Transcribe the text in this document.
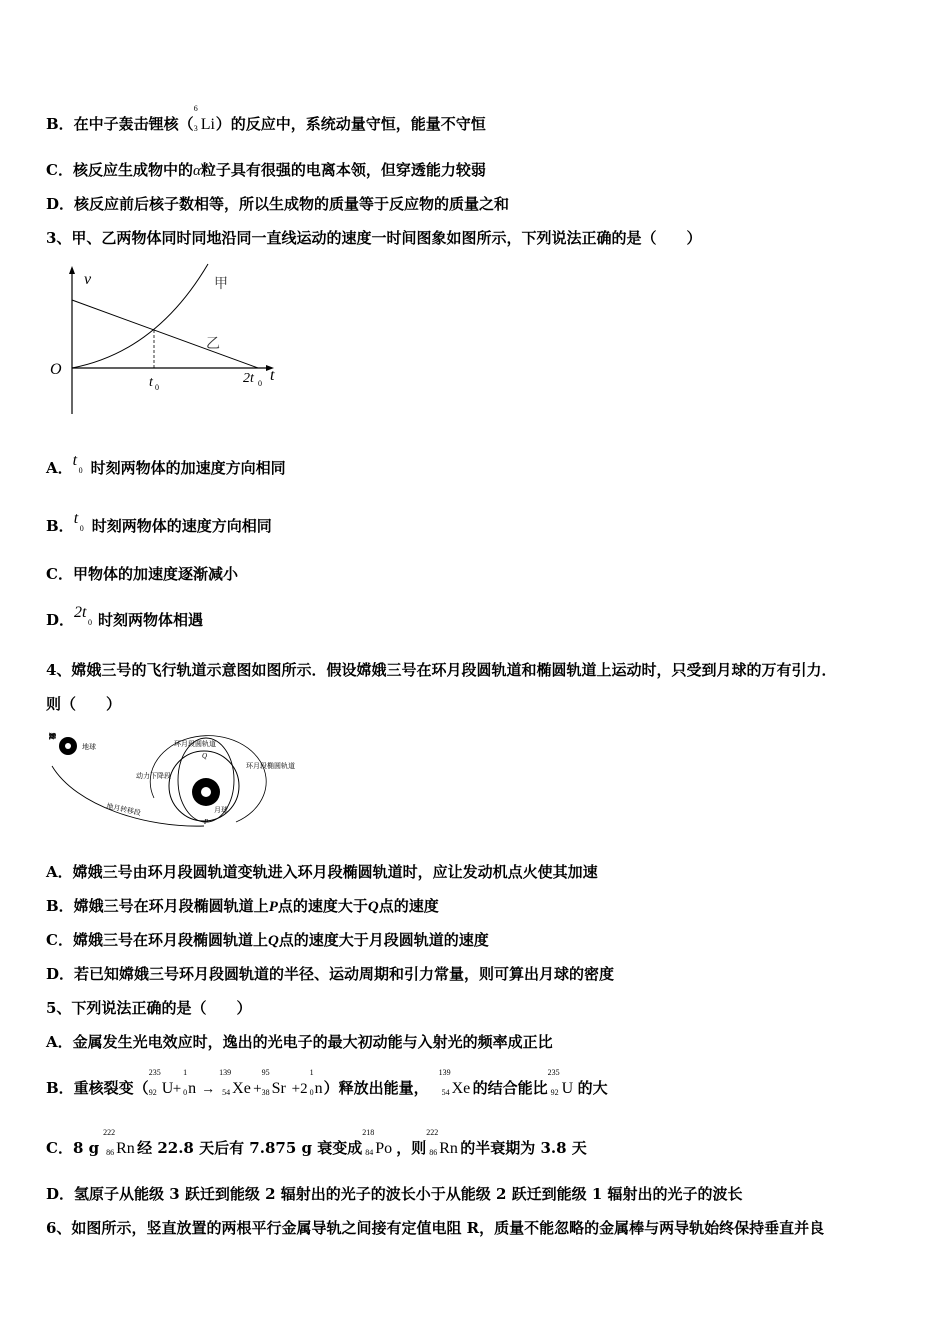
B．在中子轰击锂核（
6
3 Li）的反应中，系统动量守恒，能量不守恒
C．核反应生成物中的α粒子具有很强的电离本领，但穿透能力较弱
D．核反应前后核子数相等，所以生成物的质量等于反应物的质量之和
3、甲、乙两物体同时同地沿同一直线运动的速度一时间图象如图所示，下列说法正确的是（　　）
v
O	t
t 0
2t 0
甲
乙
A．t
0 时刻两物体的加速度方向相同
B．t
0 时刻两物体的速度方向相同
C．甲物体的加速度逐渐减小
D．2t
0 时刻两物体相遇
4、嫦娥三号的飞行轨道示意图如图所示．假设嫦娥三号在环月段圆轨道和椭圆轨道上运动时，只受到月球的万有引力．
则（　　）
地球
发射及入轨段
地月转移段
环月段圆轨道
环月段椭圆轨道
动力下降段
月球
Q
P
A．嫦娥三号由环月段圆轨道变轨进入环月段椭圆轨道时，应让发动机点火使其加速
B．嫦娥三号在环月段椭圆轨道上P点的速度大于Q点的速度
C．嫦娥三号在环月段椭圆轨道上Q点的速度大于月段圆轨道的速度
D．若已知嫦娥三号环月段圆轨道的半径、运动周期和引力常量，则可算出月球的密度
5、下列说法正确的是（　　）
A．金属发生光电效应时，逸出的光电子的最大初动能与入射光的频率成正比
B．重核裂变（
235
92 U+
1
0 n →
139
54 Xe +
95
38 Sr +2
1
0 n）释放出能量，
139
54 Xe 的结合能比
235
92 U 的大
C．8 g
222
86 Rn 经 22.8 天后有 7.875 g 衰变成
218
84 Po ，则
222
86 Rn 的半衰期为 3.8 天
D．氢原子从能级 3 跃迁到能级 2 辐射出的光子的波长小于从能级 2 跃迁到能级 1 辐射出的光子的波长
6、如图所示，竖直放置的两根平行金属导轨之间接有定值电阻 R，质量不能忽略的金属棒与两导轨始终保持垂直并良
